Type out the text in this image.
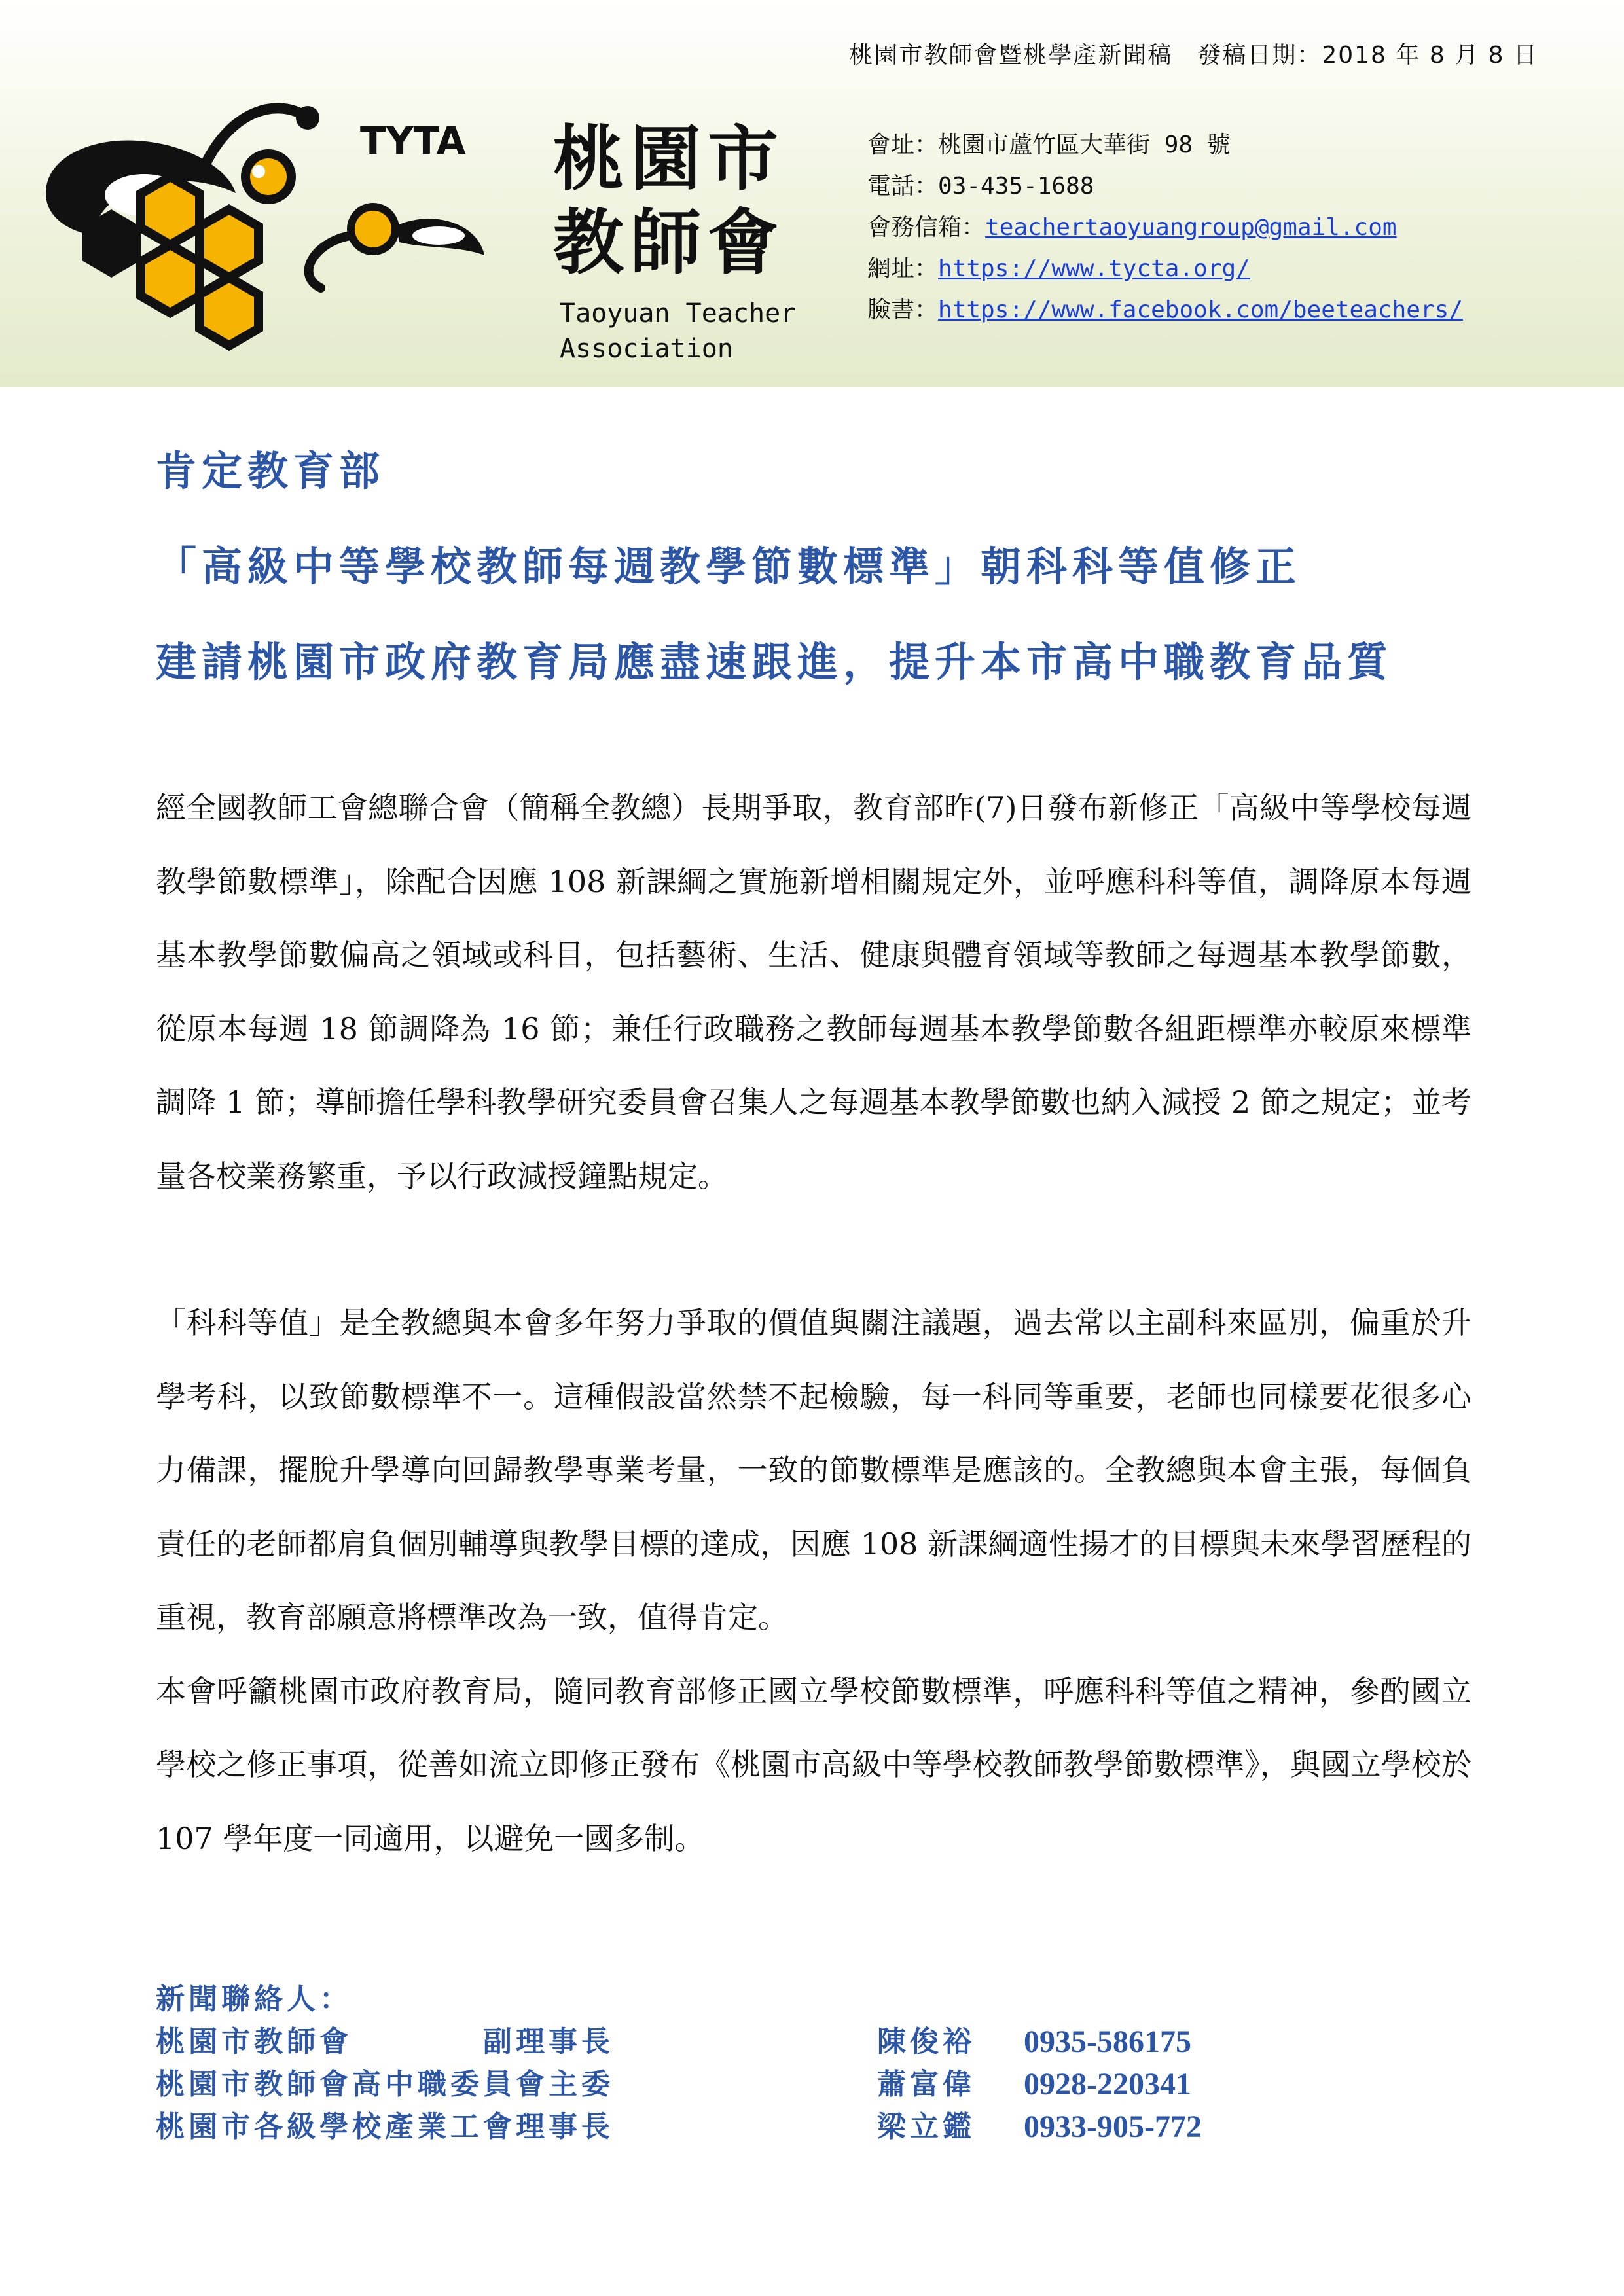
桃園市教師會暨桃學產新聞稿　發稿日期：2018 年 8 月 8 日
TYTA 桃園市
教師會
Taoyuan Teacher
Association
會址：桃園市蘆竹區大華街 98 號
電話：03-435-1688
會務信箱：teachertaoyuangroup@gmail.com
網址：https://www.tycta.org/
臉書：https://www.facebook.com/beeteachers/
肯定教育部
「高級中等學校教師每週教學節數標準」朝科科等值修正
建請桃園市政府教育局應盡速跟進，提升本市高中職教育品質

經全國教師工會總聯合會（簡稱全教總）長期爭取，教育部昨(7)日發布新修正「高級中等學校每週教學節數標準」，除配合因應 108 新課綱之實施新增相關規定外，並呼應科科等值，調降原本每週基本教學節數偏高之領域或科目，包括藝術、生活、健康與體育領域等教師之每週基本教學節數，從原本每週 18 節調降為 16 節；兼任行政職務之教師每週基本教學節數各組距標準亦較原來標準調降 1 節；導師擔任學科教學研究委員會召集人之每週基本教學節數也納入減授 2 節之規定；並考量各校業務繁重，予以行政減授鐘點規定。

「科科等值」是全教總與本會多年努力爭取的價值與關注議題，過去常以主副科來區別，偏重於升學考科，以致節數標準不一。這種假設當然禁不起檢驗，每一科同等重要，老師也同樣要花很多心力備課，擺脫升學導向回歸教學專業考量，一致的節數標準是應該的。全教總與本會主張，每個負責任的老師都肩負個別輔導與教學目標的達成，因應 108 新課綱適性揚才的目標與未來學習歷程的重視，教育部願意將標準改為一致，值得肯定。

本會呼籲桃園市政府教育局，隨同教育部修正國立學校節數標準，呼應科科等值之精神，參酌國立學校之修正事項，從善如流立即修正發布《桃園市高級中等學校教師教學節數標準》，與國立學校於 107 學年度一同適用，以避免一國多制。

新聞聯絡人：
桃園市教師會	副理事長	陳俊裕 0935-586175
桃園市教師會 高中職委員會主委	蕭富偉 0928-220341
桃園市各級學校產業工會 理事長	梁立鑑 0933-905-772
